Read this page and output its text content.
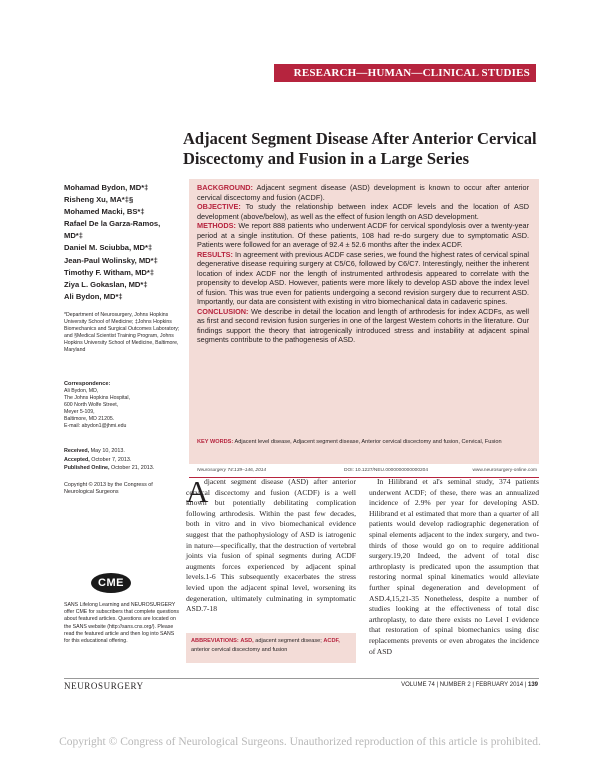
RESEARCH—HUMAN—CLINICAL STUDIES
Adjacent Segment Disease After Anterior Cervical Discectomy and Fusion in a Large Series
Mohamad Bydon, MD*‡
Risheng Xu, MA*‡§
Mohamed Macki, BS*‡
Rafael De la Garza-Ramos,
MD*‡
Daniel M. Sciubba, MD*‡
Jean-Paul Wolinsky, MD*‡
Timothy F. Witham, MD*‡
Ziya L. Gokaslan, MD*‡
Ali Bydon, MD*‡
*Department of Neurosurgery, Johns Hopkins University School of Medicine; ‡Johns Hopkins Biomechanics and Surgical Outcomes Laboratory; and §Medical Scientist Training Program, Johns Hopkins University School of Medicine, Baltimore, Maryland
Correspondence:
Ali Bydon, MD,
The Johns Hopkins Hospital,
600 North Wolfe Street,
Meyer 5-109,
Baltimore, MD 21205.
E-mail: abydon1@jhmi.edu
Received, May 10, 2013.
Accepted, October 7, 2013.
Published Online, October 21, 2013.
Copyright © 2013 by the Congress of Neurological Surgeons
CME
SANS Lifelong Learning and NEUROSURGERY offer CME for subscribers that complete questions about featured articles. Questions are located on the SANS website (http://sans.cns.org/). Please read the featured article and then log into SANS for this educational offering.

BACKGROUND: Adjacent segment disease (ASD) development is known to occur after anterior cervical discectomy and fusion (ACDF).

OBJECTIVE: To study the relationship between index ACDF levels and the location of ASD development (above/below), as well as the effect of fusion length on ASD development.

METHODS: We report 888 patients who underwent ACDF for cervical spondylosis over a twenty-year period at a single institution. Of these patients, 108 had re-do surgery due to symptomatic ASD. Patients were followed for an average of 92.4 ± 52.6 months after the index ACDF.

RESULTS: In agreement with previous ACDF case series, we found the highest rates of cervical spinal degenerative disease requiring surgery at C5/C6, followed by C6/C7. Interestingly, neither the inherent location of index ACDF nor the length of instrumented arthrodesis appeared to correlate with the propensity to develop ASD. However, patients were more likely to develop ASD above the index level of fusion. This was true even for patients undergoing a second revision surgery due to recurrent ASD. Importantly, our data are consistent with existing in vitro biomechanical data in cadaveric spines.

CONCLUSION: We describe in detail the location and length of arthrodesis for index ACDFs, as well as first and second revision fusion surgeries in one of the largest Western cohorts in the literature. Our findings support the theory that iatrogenically introduced stress and instability at adjacent spinal segments contribute to the pathogenesis of ASD.

KEY WORDS: Adjacent level disease, Adjacent segment disease, Anterior cervical discectomy and fusion, Cervical, Fusion
Neurosurgery 74:139–146, 2014	DOI: 10.1227/NEU.0000000000000204	www.neurosurgery-online.com
A

djacent segment disease (ASD) after anterior cervical discectomy and fusion (ACDF) is a well known but potentially debilitating complication following arthrodesis. Within the past few decades, both in vitro and in vivo biomechanical evidence suggest that the pathophysiology of ASD is iatrogenic in nature—specifically, that the destruction of vertebral joints via fusion of spinal segments during ACDF augments forces experienced by adjacent spinal levels.1-6 This subsequently exacerbates the stress levied upon the adjacent spinal level, worsening its degeneration, ultimately culminating in symptomatic ASD.7-18

In Hilibrand et al's seminal study, 374 patients underwent ACDF; of these, there was an annualized incidence of 2.9% per year for developing ASD. Hilibrand et al estimated that more than a quarter of all patients would develop radiographic degeneration of spinal elements adjacent to the index surgery, and two-thirds of those would go on to require additional surgery.19,20 Indeed, the advent of total disc arthroplasty is predicated upon the assumption that restoring normal spinal kinematics would alleviate further spinal degeneration and development of ASD.4,15,21-35 Nonetheless, despite a number of studies looking at the effectiveness of total disc arthroplasty, to date there exists no Level I evidence that restoration of spinal biomechanics using disc replacements prevents or even abrogates the incidence of ASD

ABBREVIATIONS: ASD, adjacent segment disease; ACDF, anterior cervical discectomy and fusion
NEUROSURGERY	VOLUME 74 | NUMBER 2 | FEBRUARY 2014 | 139
Copyright © Congress of Neurological Surgeons. Unauthorized reproduction of this article is prohibited.
